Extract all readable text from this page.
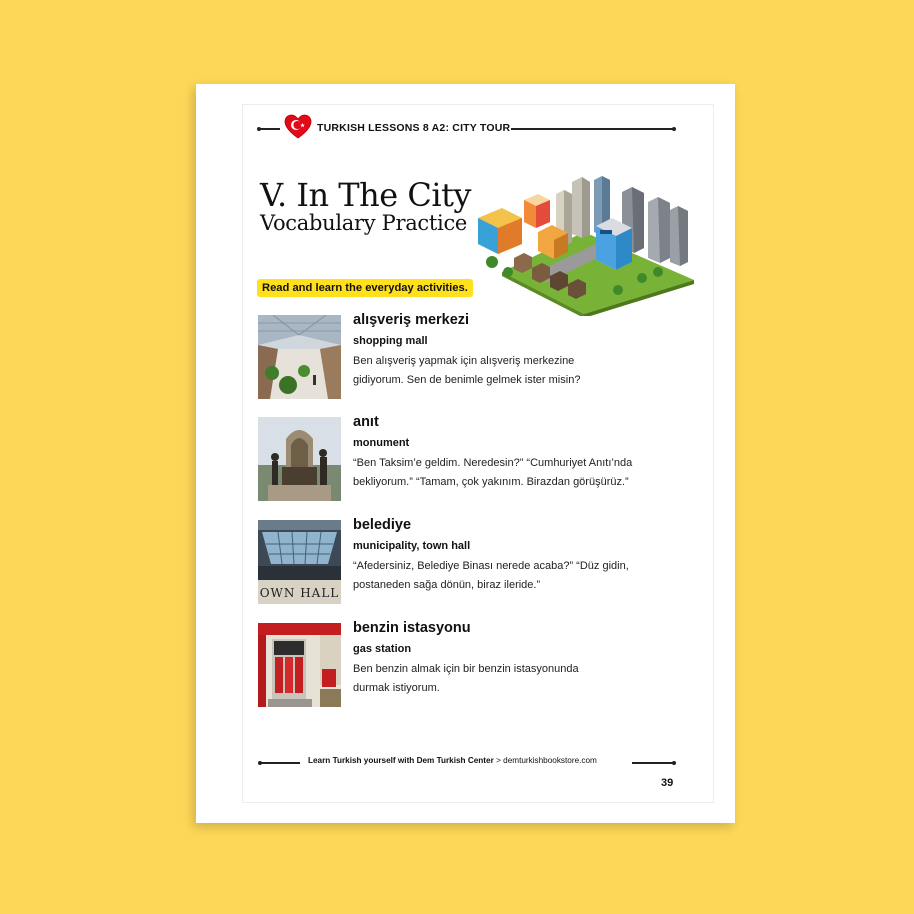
TURKISH LESSONS 8 A2: CITY TOUR
V. In The City
Vocabulary Practice
Read and learn the everyday activities.
alışveriş merkezi
shopping mall
Ben alışveriş yapmak için alışveriş merkezine
gidiyorum. Sen de benimle gelmek ister misin?
anıt
monument
“Ben Taksim’e geldim. Neredesin?” “Cumhuriyet Anıtı’nda
bekliyorum.” “Tamam, çok yakınım. Birazdan görüşürüz.”
OWN HALL
belediye
municipality, town hall
“Afedersiniz, Belediye Binası nerede acaba?” “Düz gidin,
postaneden sağa dönün, biraz ileride.”
benzin istasyonu
gas station
Ben benzin almak için bir benzin istasyonunda
durmak istiyorum.
Learn Turkish yourself with Dem Turkish Center > demturkishbookstore.com
39
